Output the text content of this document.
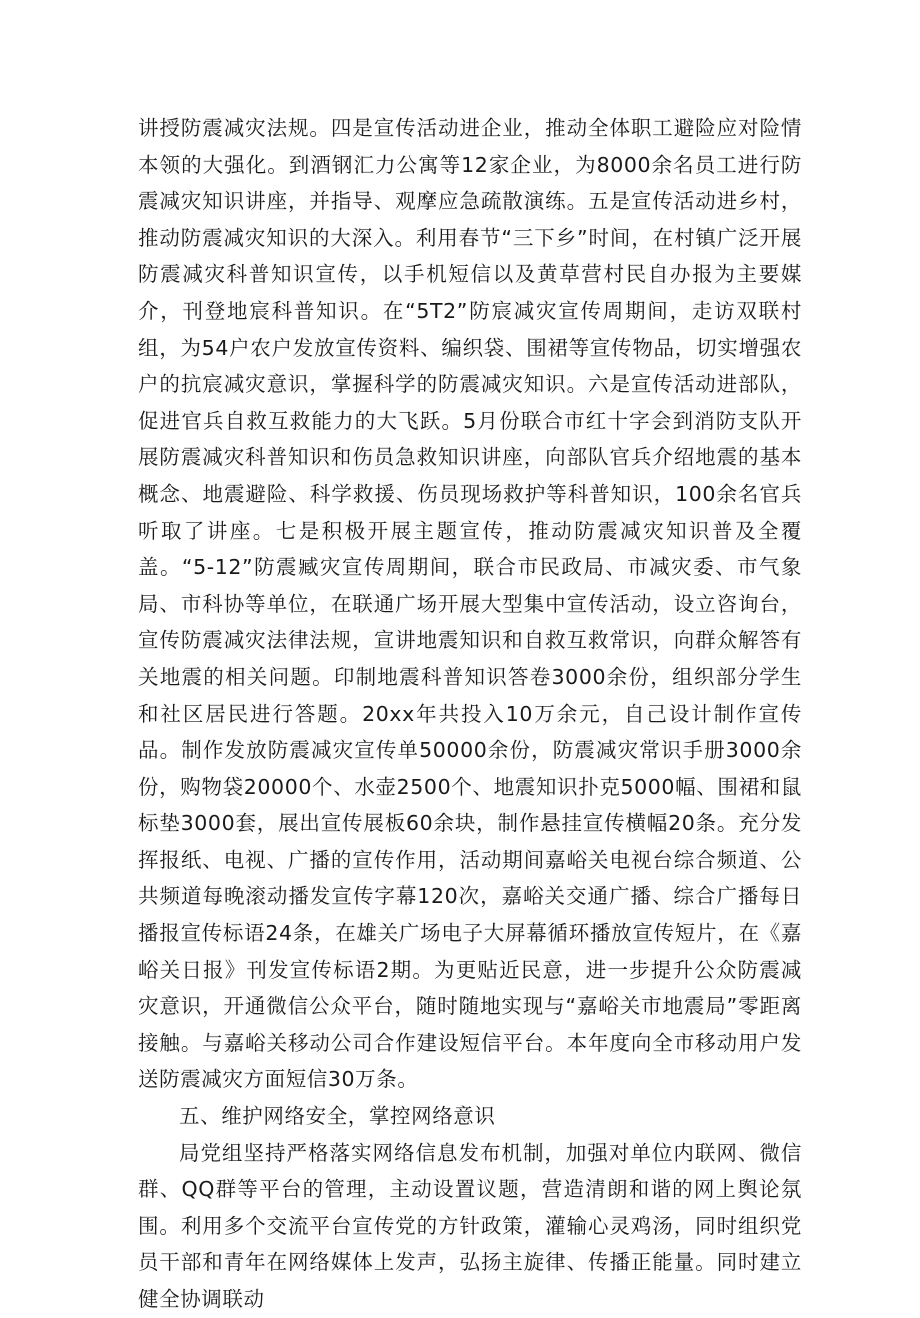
讲授防震减灾法规。四是宣传活动进企业，推动全体职工避险应对险情本领的大强化。到酒钢汇力公寓等12家企业，为8000余名员工进行防震减灾知识讲座，并指导、观摩应急疏散演练。五是宣传活动进乡村，推动防震减灾知识的大深入。利用春节“三下乡”时间，在村镇广泛开展防震减灾科普知识宣传，以手机短信以及黄草营村民自办报为主要媒介，刊登地宸科普知识。在“5T2”防宸减灾宣传周期间，走访双联村组，为54户农户发放宣传资料、编织袋、围裙等宣传物品，切实增强农户的抗宸减灾意识，掌握科学的防震减灾知识。六是宣传活动进部队，促进官兵自救互救能力的大飞跃。5月份联合市红十字会到消防支队开展防震减灾科普知识和伤员急救知识讲座，向部队官兵介绍地震的基本概念、地震避险、科学救援、伤员现场救护等科普知识，100余名官兵听取了讲座。七是积极开展主题宣传，推动防震减灾知识普及全覆盖。“5-12”防震臧灾宣传周期间，联合市民政局、市减灾委、市气象局、市科协等单位，在联通广场开展大型集中宣传活动，设立咨询台，宣传防震减灾法律法规，宣讲地震知识和自救互救常识，向群众解答有关地震的相关问题。印制地震科普知识答卷3000余份，组织部分学生和社区居民进行答题。20xx年共投入10万余元，自己设计制作宣传品。制作发放防震减灾宣传单50000余份，防震减灾常识手册3000余份，购物袋20000个、水壶2500个、地震知识扑克5000幅、围裙和鼠标垫3000套，展出宣传展板60余块，制作悬挂宣传横幅20条。充分发挥报纸、电视、广播的宣传作用，活动期间嘉峪关电视台综合频道、公共频道每晚滚动播发宣传字幕120次，嘉峪关交通广播、综合广播每日播报宣传标语24条，在雄关广场电子大屏幕循环播放宣传短片，在《嘉峪关日报》刊发宣传标语2期。为更贴近民意，进一步提升公众防震减灾意识，开通微信公众平台，随时随地实现与“嘉峪关市地震局”零距离接触。与嘉峪关移动公司合作建设短信平台。本年度向全市移动用户发送防震减灾方面短信30万条。

五、维护网络安全，掌控网络意识

局党组坚持严格落实网络信息发布机制，加强对单位内联网、微信群、QQ群等平台的管理，主动设置议题，营造清朗和谐的网上舆论氛围。利用多个交流平台宣传党的方针政策，灌输心灵鸡汤，同时组织党员干部和青年在网络媒体上发声，弘扬主旋律、传播正能量。同时建立健全协调联动
